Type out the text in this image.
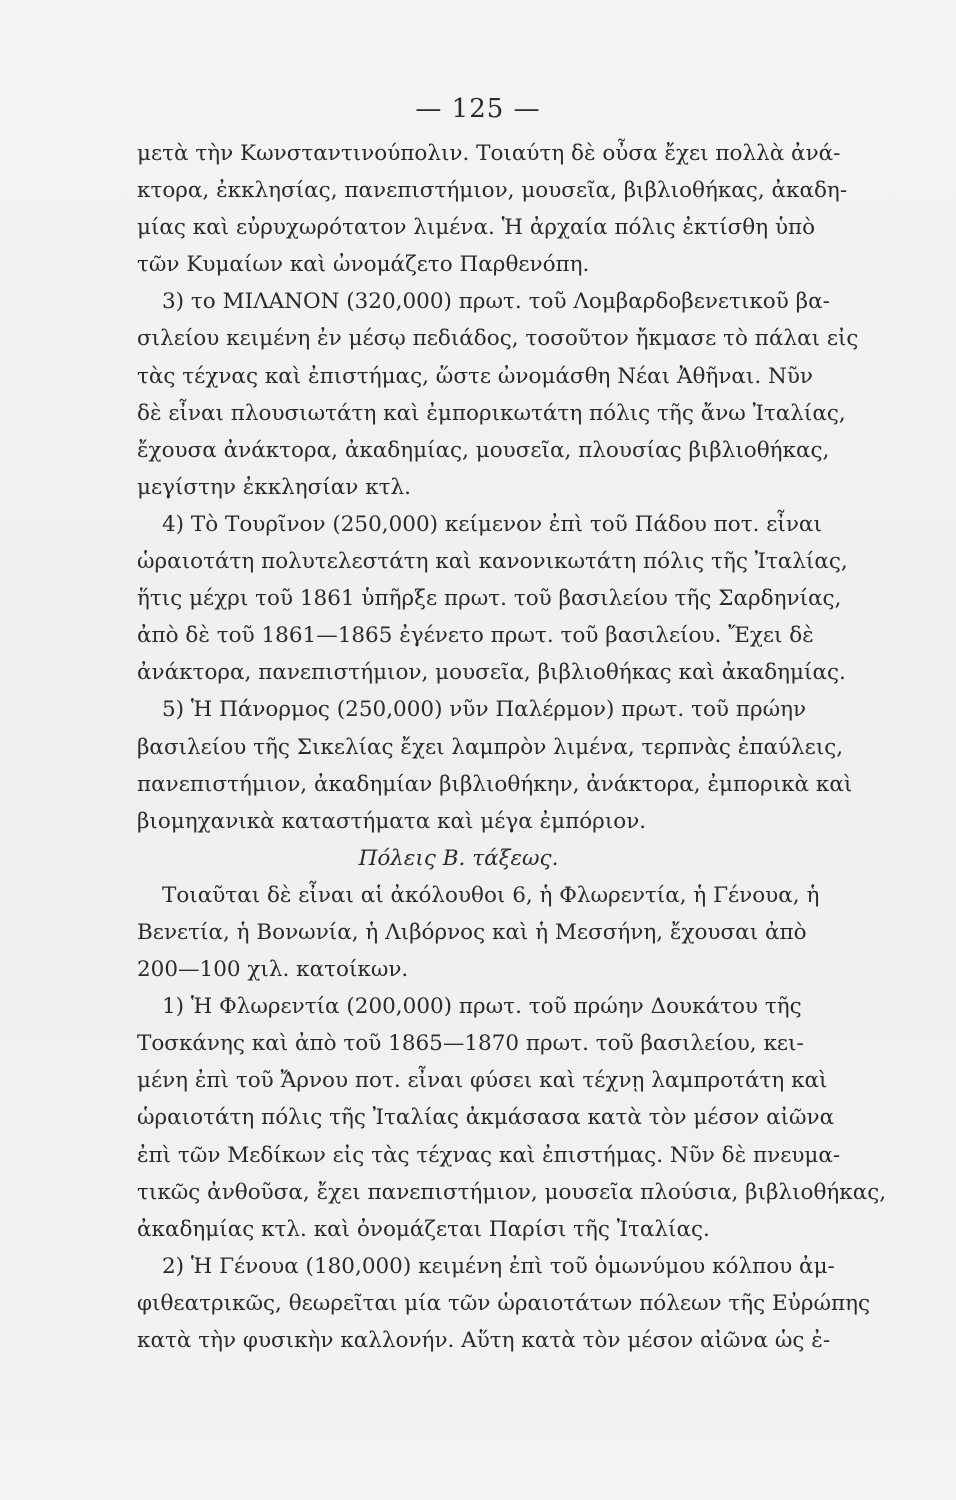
— 125 —
μετὰ τὴν Κωνσταντινούπολιν. Τοιαύτη δὲ οὖσα ἔχει πολλὰ ἀνά-
κτορα, ἐκκλησίας, πανεπιστήμιον, μουσεῖα, βιβλιοθήκας, ἀκαδη-
μίας καὶ εὐρυχωρότατον λιμένα. Ἡ ἀρχαία πόλις ἐκτίσθη ὑπὸ
τῶν Κυμαίων καὶ ὠνομάζετο Παρθενόπη.
3) το ΜΙΛΑΝΟΝ (320,000) πρωτ. τοῦ Λομβαρδοβενετικοῦ βα-
σιλείου κειμένη ἐν μέσῳ πεδιάδος, τοσοῦτον ἤκμασε τὸ πάλαι εἰς
τὰς τέχνας καὶ ἐπιστήμας, ὥστε ὠνομάσθη Νέαι Ἀθῆναι. Νῦν
δὲ εἶναι πλουσιωτάτη καὶ ἐμπορικωτάτη πόλις τῆς ἄνω Ἰταλίας,
ἔχουσα ἀνάκτορα, ἀκαδημίας, μουσεῖα, πλουσίας βιβλιοθήκας,
μεγίστην ἐκκλησίαν κτλ.
4) Τὸ Τουρῖνον (250,000) κείμενον ἐπὶ τοῦ Πάδου ποτ. εἶναι
ὡραιοτάτη πολυτελεστάτη καὶ κανονικωτάτη πόλις τῆς Ἰταλίας,
ἥτις μέχρι τοῦ 1861 ὑπῆρξε πρωτ. τοῦ βασιλείου τῆς Σαρδηνίας,
ἀπὸ δὲ τοῦ 1861—1865 ἐγένετο πρωτ. τοῦ βασιλείου. Ἔχει δὲ
ἀνάκτορα, πανεπιστήμιον, μουσεῖα, βιβλιοθήκας καὶ ἀκαδημίας.
5) Ἡ Πάνορμος (250,000) νῦν Παλέρμον) πρωτ. τοῦ πρώην
βασιλείου τῆς Σικελίας ἔχει λαμπρὸν λιμένα, τερπνὰς ἐπαύλεις,
πανεπιστήμιον, ἀκαδημίαν βιβλιοθήκην, ἀνάκτορα, ἐμπορικὰ καὶ
βιομηχανικὰ καταστήματα καὶ μέγα ἐμπόριον.
Πόλεις Β. τάξεως.
Τοιαῦται δὲ εἶναι αἱ ἀκόλουθοι 6, ἡ Φλωρεντία, ἡ Γένουα, ἡ
Βενετία, ἡ Βονωνία, ἡ Λιβόρνος καὶ ἡ Μεσσήνη, ἔχουσαι ἀπὸ
200—100 χιλ. κατοίκων.
1) Ἡ Φλωρεντία (200,000) πρωτ. τοῦ πρώην Δουκάτου τῆς
Τοσκάνης καὶ ἀπὸ τοῦ 1865—1870 πρωτ. τοῦ βασιλείου, κει-
μένη ἐπὶ τοῦ Ἄρνου ποτ. εἶναι φύσει καὶ τέχνῃ λαμπροτάτη καὶ
ὡραιοτάτη πόλις τῆς Ἰταλίας ἀκμάσασα κατὰ τὸν μέσον αἰῶνα
ἐπὶ τῶν Μεδίκων εἰς τὰς τέχνας καὶ ἐπιστήμας. Νῦν δὲ πνευμα-
τικῶς ἀνθοῦσα, ἔχει πανεπιστήμιον, μουσεῖα πλούσια, βιβλιοθήκας,
ἀκαδημίας κτλ. καὶ ὀνομάζεται Παρίσι τῆς Ἰταλίας.
2) Ἡ Γένουα (180,000) κειμένη ἐπὶ τοῦ ὁμωνύμου κόλπου ἀμ-
φιθεατρικῶς, θεωρεῖται μία τῶν ὡραιοτάτων πόλεων τῆς Εὐρώπης
κατὰ τὴν φυσικὴν καλλονήν. Αὕτη κατὰ τὸν μέσον αἰῶνα ὡς ἐ-
